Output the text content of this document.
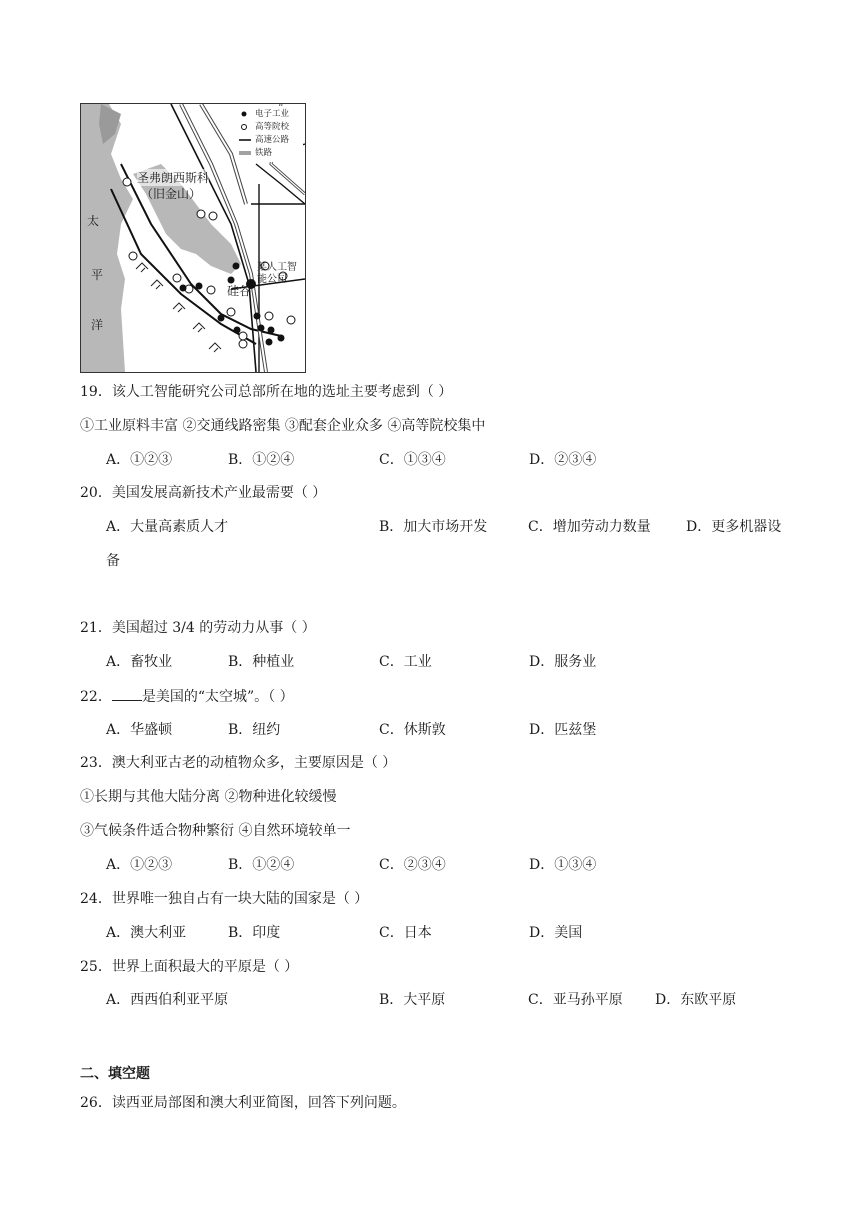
电子工业
高等院校
高速公路
铁路
圣弗朗西斯科
（旧金山）
太
平
洋
某人工智能公司
硅谷
19．该人工智能研究公司总部所在地的选址主要考虑到（ ）
①工业原料丰富 ②交通线路密集 ③配套企业众多 ④高等院校集中
A．①②③	B．①②④	C．①③④	D．②③④
20．美国发展高新技术产业最需要（ ）
A．大量高素质人才	B．加大市场开发	C．增加劳动力数量	D．更多机器设
备
21．美国超过 3/4 的劳动力从事（ ）
A．畜牧业	B．种植业	C．工业	D．服务业
22． 是美国的“太空城”。（ ）
A．华盛顿	B．纽约	C．休斯敦	D．匹兹堡
23．澳大利亚古老的动植物众多，主要原因是（ ）
①长期与其他大陆分离 ②物种进化较缓慢
③气候条件适合物种繁衍 ④自然环境较单一
A．①②③	B．①②④	C．②③④	D．①③④
24．世界唯一独自占有一块大陆的国家是（ ）
A．澳大利亚	B．印度	C．日本	D．美国
25．世界上面积最大的平原是（ ）
A．西西伯利亚平原	B．大平原	C．亚马孙平原 D．东欧平原
二、填空题
26．读西亚局部图和澳大利亚简图，回答下列问题。
